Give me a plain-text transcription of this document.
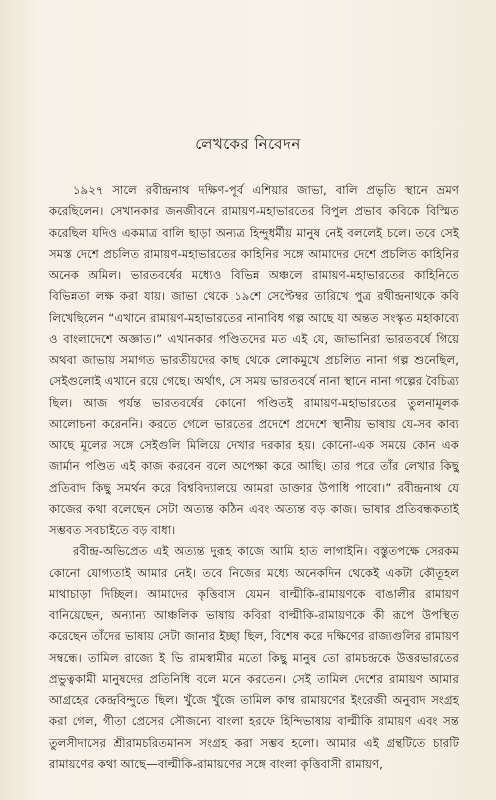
লেখকের নিবেদন

১৯২৭ সালে রবীন্দ্রনাথ দক্ষিণ-পূর্ব এশিয়ার জাভা, বালি প্রভৃতি স্থানে ভ্রমণ করেছিলেন। সেখানকার জনজীবনে রামায়ণ-মহাভারতের বিপুল প্রভাব কবিকে বিস্মিত করেছিল যদিও একমাত্র বালি ছাড়া অন্যত্র হিন্দুধর্মীয় মানুষ নেই বললেই চলে। তবে সেই সমস্ত দেশে প্রচলিত রামায়ণ-মহাভারতের কাহিনির সঙ্গে আমাদের দেশে প্রচলিত কাহিনির অনেক অমিল। ভারতবর্ষের মধ্যেও বিভিন্ন অঞ্চলে রামায়ণ-মহাভারতের কাহিনিতে বিভিন্নতা লক্ষ করা যায়। জাভা থেকে ১৯শে সেপ্টেম্বর তারিখে পুত্র রথীন্দ্রনাথকে কবি লিখেছিলেন “এখানে রামায়ণ-মহাভারতের নানাবিধ গল্প আছে যা অন্তত সংস্কৃত মহাকাব্যে ও বাংলাদেশে অজ্ঞাত।” এখানকার পণ্ডিতদের মত এই যে, জাভানিরা ভারতবর্ষে গিয়ে অথবা জাভায় সমাগত ভারতীয়দের কাছ থেকে লোকমুখে প্রচলিত নানা গল্প শুনেছিল, সেইগুলোই এখানে রয়ে গেছে। অর্থাৎ, সে সময় ভারতবর্ষে নানা স্থানে নানা গল্পের বৈচিত্র্য ছিল। আজ পর্যন্ত ভারতবর্ষের কোনো পণ্ডিতই রামায়ণ-মহাভারতের তুলনামূলক আলোচনা করেননি। করতে গেলে ভারতের প্রদেশে প্রদেশে স্থানীয় ভাষায় যে-সব কাব্য আছে মূলের সঙ্গে সেইগুলি মিলিয়ে দেখার দরকার হয়। কোনো-এক সময়ে কোন এক জার্মান পণ্ডিত এই কাজ করবেন বলে অপেক্ষা করে আছি। তার পরে তাঁর লেখার কিছু প্রতিবাদ কিছু সমর্থন করে বিশ্ববিদ্যালয়ে আমরা ডাক্তার উপাধি পাবো।” রবীন্দ্রনাথ যে কাজের কথা বলেছেন সেটা অত্যন্ত কঠিন এবং অত্যন্ত বড় কাজ। ভাষার প্রতিবন্ধকতাই সম্ভবত সবচাইতে বড় বাধা।

রবীন্দ্র-অভিপ্রেত এই অত্যন্ত দুরূহ কাজে আমি হাত লাগাইনি। বস্তুতপক্ষে সেরকম কোনো যোগ্যতাই আমার নেই। তবে নিজের মধ্যে অনেকদিন থেকেই একটা কৌতূহল মাথাচাড়া দিচ্ছিল। আমাদের কৃত্তিবাস যেমন বাল্মীকি-রামায়ণকে বাঙালীর রামায়ণ বানিয়েছেন, অন্যান্য আঞ্চলিক ভাষায় কবিরা বাল্মীকি-রামায়ণকে কী রূপে উপস্থিত করেছেন তাঁদের ভাষায় সেটা জানার ইচ্ছা ছিল, বিশেষ করে দক্ষিণের রাজ্যগুলির রামায়ণ সম্বন্ধে। তামিল রাজ্যে ই ভি রামস্বামীর মতো কিছু মানুষ তো রামচন্দ্রকে উত্তরভারতের প্রভুত্বকামী মানুষদের প্রতিনিধি বলে মনে করতেন। সেই তামিল দেশের রামায়ণ আমার আগ্রহের কেন্দ্রবিন্দুতে ছিল। খুঁজে খুঁজে তামিল কাম্ব রামায়ণের ইংরেজী অনুবাদ সংগ্রহ করা গেল, গীতা প্রেসের সৌজন্যে বাংলা হরফে হিন্দিভাষায় বাল্মীকি রামায়ণ এবং সন্ত তুলসীদাসের শ্রীরামচরিতমানস সংগ্রহ করা সম্ভব হলো। আমার এই গ্রন্থটিতে চারটি রামায়ণের কথা আছে—বাল্মীকি-রামায়ণের সঙ্গে বাংলা কৃত্তিবাসী রামায়ণ,
